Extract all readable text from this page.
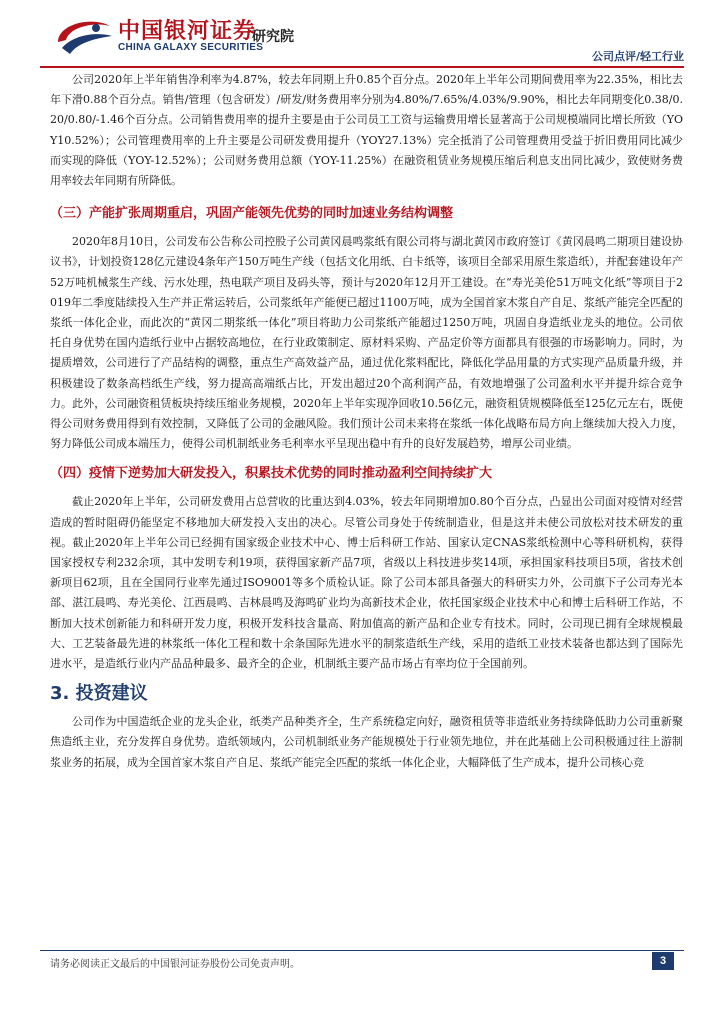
中国银河证券
CHINA GALAXY SECURITIES
研究院
公司点评/轻工行业

公司2020年上半年销售净利率为4.87%，较去年同期上升0.85个百分点。2020年上半年公司期间费用率为22.35%，相比去年下滑0.88个百分点。销售/管理（包含研发）/研发/财务费用率分别为4.80%/7.65%/4.03%/9.90%，相比去年同期变化0.38/0.20/0.80/-1.46个百分点。公司销售费用率的提升主要是由于公司员工工资与运输费用增长显著高于公司规模端同比增长所致（YOY10.52%）；公司管理费用率的上升主要是公司研发费用提升（YOY27.13%）完全抵消了公司管理费用受益于折旧费用同比减少而实现的降低（YOY-12.52%）；公司财务费用总额（YOY-11.25%）在融资租赁业务规模压缩后利息支出同比减少，致使财务费用率较去年同期有所降低。

（三）产能扩张周期重启，巩固产能领先优势的同时加速业务结构调整

2020年8月10日，公司发布公告称公司控股子公司黄冈晨鸣浆纸有限公司将与湖北黄冈市政府签订《黄冈晨鸣二期项目建设协议书》，计划投资128亿元建设4条年产150万吨生产线（包括文化用纸、白卡纸等，该项目全部采用原生浆造纸），并配套建设年产52万吨机械浆生产线、污水处理，热电联产项目及码头等，预计与2020年12月开工建设。在“寿光美伦51万吨文化纸”等项目于2019年二季度陆续投入生产并正常运转后，公司浆纸年产能便已超过1100万吨，成为全国首家木浆自产自足、浆纸产能完全匹配的浆纸一体化企业，而此次的“黄冈二期浆纸一体化”项目将助力公司浆纸产能超过1250万吨，巩固自身造纸业龙头的地位。公司依托自身优势在国内造纸行业中占据较高地位，在行业政策制定、原材料采购、产品定价等方面都具有很强的市场影响力。同时，为提质增效，公司进行了产品结构的调整，重点生产高效益产品，通过优化浆料配比，降低化学品用量的方式实现产品质量升级，并积极建设了数条高档纸生产线，努力提高高端纸占比，开发出超过20个高利润产品，有效地增强了公司盈利水平并提升综合竞争力。此外，公司融资租赁板块持续压缩业务规模，2020年上半年实现净回收10.56亿元，融资租赁规模降低至125亿元左右，既使得公司财务费用得到有效控制，又降低了公司的金融风险。我们预计公司未来将在浆纸一体化战略布局方向上继续加大投入力度，努力降低公司成本端压力，使得公司机制纸业务毛利率水平呈现出稳中有升的良好发展趋势，增厚公司业绩。

（四）疫情下逆势加大研发投入，积累技术优势的同时推动盈利空间持续扩大

截止2020年上半年，公司研发费用占总营收的比重达到4.03%，较去年同期增加0.80个百分点，凸显出公司面对疫情对经营造成的暂时阻碍仍能坚定不移地加大研发投入支出的决心。尽管公司身处于传统制造业，但是这并未使公司放松对技术研发的重视。截止2020年上半年公司已经拥有国家级企业技术中心、博士后科研工作站、国家认定CNAS浆纸检测中心等科研机构，获得国家授权专利232余项，其中发明专利19项，获得国家新产品7项，省级以上科技进步奖14项，承担国家科技项目5项，省技术创新项目62项，且在全国同行业率先通过ISO9001等多个质检认证。除了公司本部具备强大的科研实力外，公司旗下子公司寿光本部、湛江晨鸣、寿光美伦、江西晨鸣、吉林晨鸣及海鸣矿业均为高新技术企业，依托国家级企业技术中心和博士后科研工作站，不断加大技术创新能力和科研开发力度，积极开发科技含量高、附加值高的新产品和企业专有技术。同时，公司现已拥有全球规模最大、工艺装备最先进的林浆纸一体化工程和数十余条国际先进水平的制浆造纸生产线，采用的造纸工业技术装备也都达到了国际先进水平，是造纸行业内产品品种最多、最齐全的企业，机制纸主要产品市场占有率均位于全国前列。

3. 投资建议

公司作为中国造纸企业的龙头企业，纸类产品种类齐全，生产系统稳定向好，融资租赁等非造纸业务持续降低助力公司重新聚焦造纸主业，充分发挥自身优势。造纸领域内，公司机制纸业务产能规模处于行业领先地位，并在此基础上公司积极通过往上游制浆业务的拓展，成为全国首家木浆自产自足、浆纸产能完全匹配的浆纸一体化企业，大幅降低了生产成本，提升公司核心竞

请务必阅读正文最后的中国银河证券股份公司免责声明。	3
